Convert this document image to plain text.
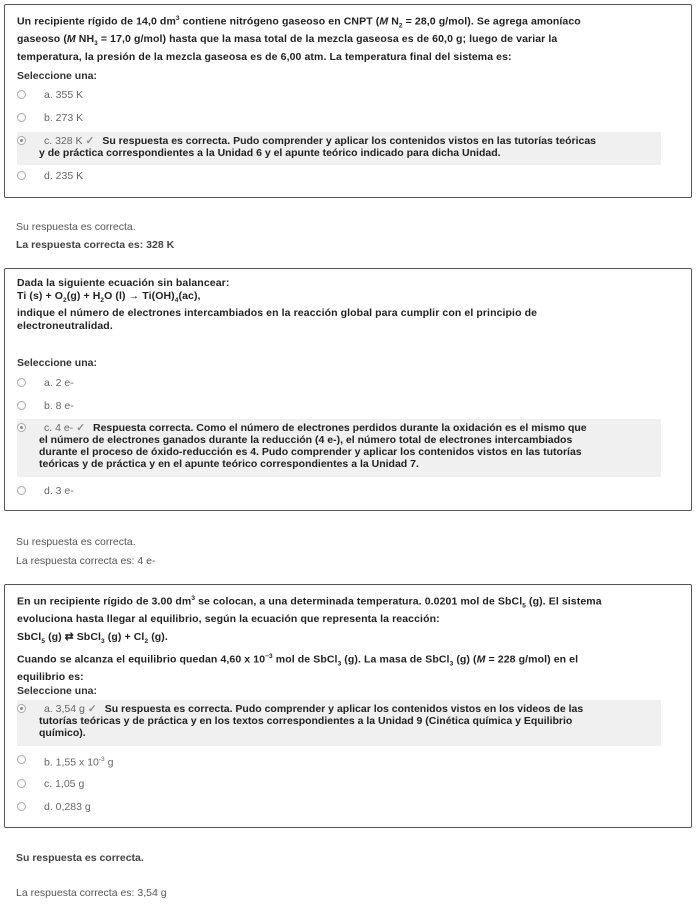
Un recipiente rígido de 14,0 $dm^3$ contiene nitrógeno gaseoso en CNPT (M $N_2 = 28,0$ g/mol). Se agrega amoníaco
gaseoso (M $NH_3 = 17,0$ g/mol) hasta que la masa total de la mezcla gaseosa es de 60,0 g; luego de variar la
temperatura, la presión de la mezcla gaseosa es de 6,00 atm. La temperatura final del sistema es:
Seleccione una:
a. 355 K
b. 273 K
c. 328 K ✓ Su respuesta es correcta. Pudo comprender y aplicar los contenidos vistos en las tutorías teóricas
y de práctica correspondientes a la Unidad 6 y el apunte teórico indicado para dicha Unidad.
d. 235 K
Su respuesta es correcta.
La respuesta correcta es: 328 K
Dada la siguiente ecuación sin balancear:
Ti $(s) + O_2(g) + H_2O$ $(l) \to Ti(OH)_4(ac)$,
indique el número de electrones intercambiados en la reacción global para cumplir con el principio de
electroneutralidad.
Seleccione una:
a. 2 e-
b. 8 e-
c. 4 e- ✓ Respuesta correcta. Como el número de electrones perdidos durante la oxidación es el mismo que
el número de electrones ganados durante la reducción (4 e-), el número total de electrones intercambiados
durante el proceso de óxido-reducción es 4. Pudo comprender y aplicar los contenidos vistos en las tutorías
teóricas y de práctica y en el apunte teórico correspondientes a la Unidad 7.
d. 3 e-
Su respuesta es correcta.
La respuesta correcta es: 4 e-
En un recipiente rígido de 3.00 $dm^3$ se colocan, a una determinada temperatura. 0.0201 mol de SbCl$_5$ (g). El sistema
evoluciona hasta llegar al equilibrio, según la ecuación que representa la reacción:
SbCl$_5$ (g) ⇄ SbCl$_3$ $(g) + Cl_2$ (g).
Cuando se alcanza el equilibrio quedan 4,60 x $10^{-3}$ mol de SbCl$_3$ (g). La masa de SbCl$_3$ (g) (M = 228 g/mol) en el
equilibrio es:
Seleccione una:
a. 3,54 g ✓ Su respuesta es correcta. Pudo comprender y aplicar los contenidos vistos en los videos de las
tutorías teóricas y de práctica y en los textos correspondientes a la Unidad 9 (Cinética química y Equilibrio
químico).
b. 1,55 x $10^{-3}$ g
c. 1,05 g
d. 0,283 g
Su respuesta es correcta.
La respuesta correcta es: 3,54 g
